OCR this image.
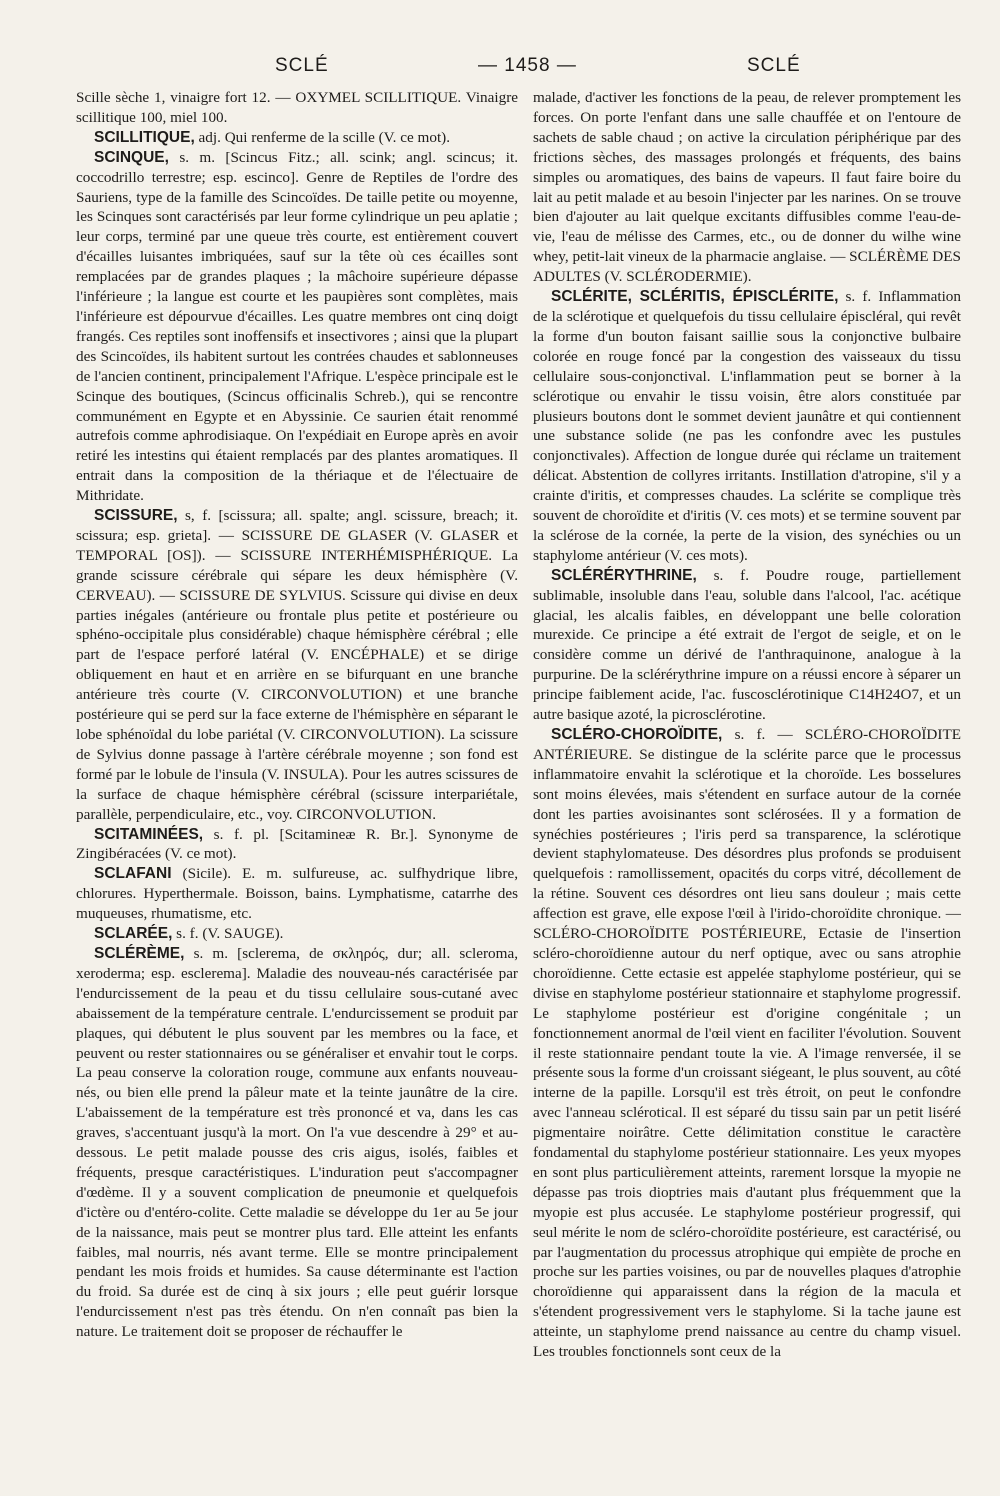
SCLÉ	— 1458 —	SCLÉ

Scille sèche 1, vinaigre fort 12. — OXYMEL SCILLITIQUE. Vinaigre scillitique 100, miel 100.

SCILLITIQUE, adj. Qui renferme de la scille (V. ce mot).

SCINQUE, s. m. [Scincus Fitz.; all. scink; angl. scincus; it. coccodrillo terrestre; esp. escinco]. Genre de Reptiles de l'ordre des Sauriens, type de la famille des Scincoïdes. De taille petite ou moyenne, les Scinques sont caractérisés par leur forme cylindrique un peu aplatie ; leur corps, terminé par une queue très courte, est entièrement couvert d'écailles luisantes imbriquées, sauf sur la tête où ces écailles sont remplacées par de grandes plaques ; la mâchoire supérieure dépasse l'inférieure ; la langue est courte et les paupières sont complètes, mais l'inférieure est dépourvue d'écailles. Les quatre membres ont cinq doigt frangés. Ces reptiles sont inoffensifs et insectivores ; ainsi que la plupart des Scincoïdes, ils habitent surtout les contrées chaudes et sablonneuses de l'ancien continent, principalement l'Afrique. L'espèce principale est le Scinque des boutiques, (Scincus officinalis Schreb.), qui se rencontre communément en Egypte et en Abyssinie. Ce saurien était renommé autrefois comme aphrodisiaque. On l'expédiait en Europe après en avoir retiré les intestins qui étaient remplacés par des plantes aromatiques. Il entrait dans la composition de la thériaque et de l'électuaire de Mithridate.

SCISSURE, s, f. [scissura; all. spalte; angl. scissure, breach; it. scissura; esp. grieta]. — SCISSURE DE GLASER (V. GLASER et TEMPORAL [OS]). — SCISSURE INTERHÉMISPHÉRIQUE. La grande scissure cérébrale qui sépare les deux hémisphère (V. CERVEAU). — SCISSURE DE SYLVIUS. Scissure qui divise en deux parties inégales (antérieure ou frontale plus petite et postérieure ou sphéno-occipitale plus considérable) chaque hémisphère cérébral ; elle part de l'espace perforé latéral (V. ENCÉPHALE) et se dirige obliquement en haut et en arrière en se bifurquant en une branche antérieure très courte (V. CIRCONVOLUTION) et une branche postérieure qui se perd sur la face externe de l'hémisphère en séparant le lobe sphénoïdal du lobe pariétal (V. CIRCONVOLUTION). La scissure de Sylvius donne passage à l'artère cérébrale moyenne ; son fond est formé par le lobule de l'insula (V. INSULA). Pour les autres scissures de la surface de chaque hémisphère cérébral (scissure interpariétale, parallèle, perpendiculaire, etc., voy. CIRCONVOLUTION.

SCITAMINÉES, s. f. pl. [Scitamineæ R. Br.]. Synonyme de Zingibéracées (V. ce mot).

SCLAFANI (Sicile). E. m. sulfureuse, ac. sulfhydrique libre, chlorures. Hyperthermale. Boisson, bains. Lymphatisme, catarrhe des muqueuses, rhumatisme, etc.

SCLARÉE, s. f. (V. SAUGE).

SCLÉRÈME, s. m. [sclerema, de σκληρός, dur; all. scleroma, xeroderma; esp. esclerema]. Maladie des nouveau-nés caractérisée par l'endurcissement de la peau et du tissu cellulaire sous-cutané avec abaissement de la température centrale. L'endurcissement se produit par plaques, qui débutent le plus souvent par les membres ou la face, et peuvent ou rester stationnaires ou se généraliser et envahir tout le corps. La peau conserve la coloration rouge, commune aux enfants nouveau-nés, ou bien elle prend la pâleur mate et la teinte jaunâtre de la cire. L'abaissement de la température est très prononcé et va, dans les cas graves, s'accentuant jusqu'à la mort. On l'a vue descendre à 29° et au-dessous. Le petit malade pousse des cris aigus, isolés, faibles et fréquents, presque caractéristiques. L'induration peut s'accompagner d'œdème. Il y a souvent complication de pneumonie et quelquefois d'ictère ou d'entéro-colite. Cette maladie se développe du 1er au 5e jour de la naissance, mais peut se montrer plus tard. Elle atteint les enfants faibles, mal nourris, nés avant terme. Elle se montre principalement pendant les mois froids et humides. Sa cause déterminante est l'action du froid. Sa durée est de cinq à six jours ; elle peut guérir lorsque l'endurcissement n'est pas très étendu. On n'en connaît pas bien la nature. Le traitement doit se proposer de réchauffer le

malade, d'activer les fonctions de la peau, de relever promptement les forces. On porte l'enfant dans une salle chauffée et on l'entoure de sachets de sable chaud ; on active la circulation périphérique par des frictions sèches, des massages prolongés et fréquents, des bains simples ou aromatiques, des bains de vapeurs. Il faut faire boire du lait au petit malade et au besoin l'injecter par les narines. On se trouve bien d'ajouter au lait quelque excitants diffusibles comme l'eau-de-vie, l'eau de mélisse des Carmes, etc., ou de donner du wilhe wine whey, petit-lait vineux de la pharmacie anglaise. — SCLÉRÈME DES ADULTES (V. SCLÉRODERMIE).

SCLÉRITE, SCLÉRITIS, ÉPISCLÉRITE, s. f. Inflammation de la sclérotique et quelquefois du tissu cellulaire épiscléral, qui revêt la forme d'un bouton faisant saillie sous la conjonctive bulbaire colorée en rouge foncé par la congestion des vaisseaux du tissu cellulaire sous-conjonctival. L'inflammation peut se borner à la sclérotique ou envahir le tissu voisin, être alors constituée par plusieurs boutons dont le sommet devient jaunâtre et qui contiennent une substance solide (ne pas les confondre avec les pustules conjonctivales). Affection de longue durée qui réclame un traitement délicat. Abstention de collyres irritants. Instillation d'atropine, s'il y a crainte d'iritis, et compresses chaudes. La sclérite se complique très souvent de choroïdite et d'iritis (V. ces mots) et se termine souvent par la sclérose de la cornée, la perte de la vision, des synéchies ou un staphylome antérieur (V. ces mots).

SCLÉRÉRYTHRINE, s. f. Poudre rouge, partiellement sublimable, insoluble dans l'eau, soluble dans l'alcool, l'ac. acétique glacial, les alcalis faibles, en développant une belle coloration murexide. Ce principe a été extrait de l'ergot de seigle, et on le considère comme un dérivé de l'anthraquinone, analogue à la purpurine. De la sclérérythrine impure on a réussi encore à séparer un principe faiblement acide, l'ac. fuscosclérotinique C14H24O7, et un autre basique azoté, la picrosclérotine.

SCLÉRO-CHOROÏDITE, s. f. — SCLÉRO-CHOROÏDITE ANTÉRIEURE. Se distingue de la sclérite parce que le processus inflammatoire envahit la sclérotique et la choroïde. Les bosselures sont moins élevées, mais s'étendent en surface autour de la cornée dont les parties avoisinantes sont sclérosées. Il y a formation de synéchies postérieures ; l'iris perd sa transparence, la sclérotique devient staphylomateuse. Des désordres plus profonds se produisent quelquefois : ramollissement, opacités du corps vitré, décollement de la rétine. Souvent ces désordres ont lieu sans douleur ; mais cette affection est grave, elle expose l'œil à l'irido-choroïdite chronique. — SCLÉRO-CHOROÏDITE POSTÉRIEURE, Ectasie de l'insertion scléro-choroïdienne autour du nerf optique, avec ou sans atrophie choroïdienne. Cette ectasie est appelée staphylome postérieur, qui se divise en staphylome postérieur stationnaire et staphylome progressif. Le staphylome postérieur est d'origine congénitale ; un fonctionnement anormal de l'œil vient en faciliter l'évolution. Souvent il reste stationnaire pendant toute la vie. A l'image renversée, il se présente sous la forme d'un croissant siégeant, le plus souvent, au côté interne de la papille. Lorsqu'il est très étroit, on peut le confondre avec l'anneau sclérotical. Il est séparé du tissu sain par un petit liséré pigmentaire noirâtre. Cette délimitation constitue le caractère fondamental du staphylome postérieur stationnaire. Les yeux myopes en sont plus particulièrement atteints, rarement lorsque la myopie ne dépasse pas trois dioptries mais d'autant plus fréquemment que la myopie est plus accusée. Le staphylome postérieur progressif, qui seul mérite le nom de scléro-choroïdite postérieure, est caractérisé, ou par l'augmentation du processus atrophique qui empiète de proche en proche sur les parties voisines, ou par de nouvelles plaques d'atrophie choroïdienne qui apparaissent dans la région de la macula et s'étendent progressivement vers le staphylome. Si la tache jaune est atteinte, un staphylome prend naissance au centre du champ visuel. Les troubles fonctionnels sont ceux de la
